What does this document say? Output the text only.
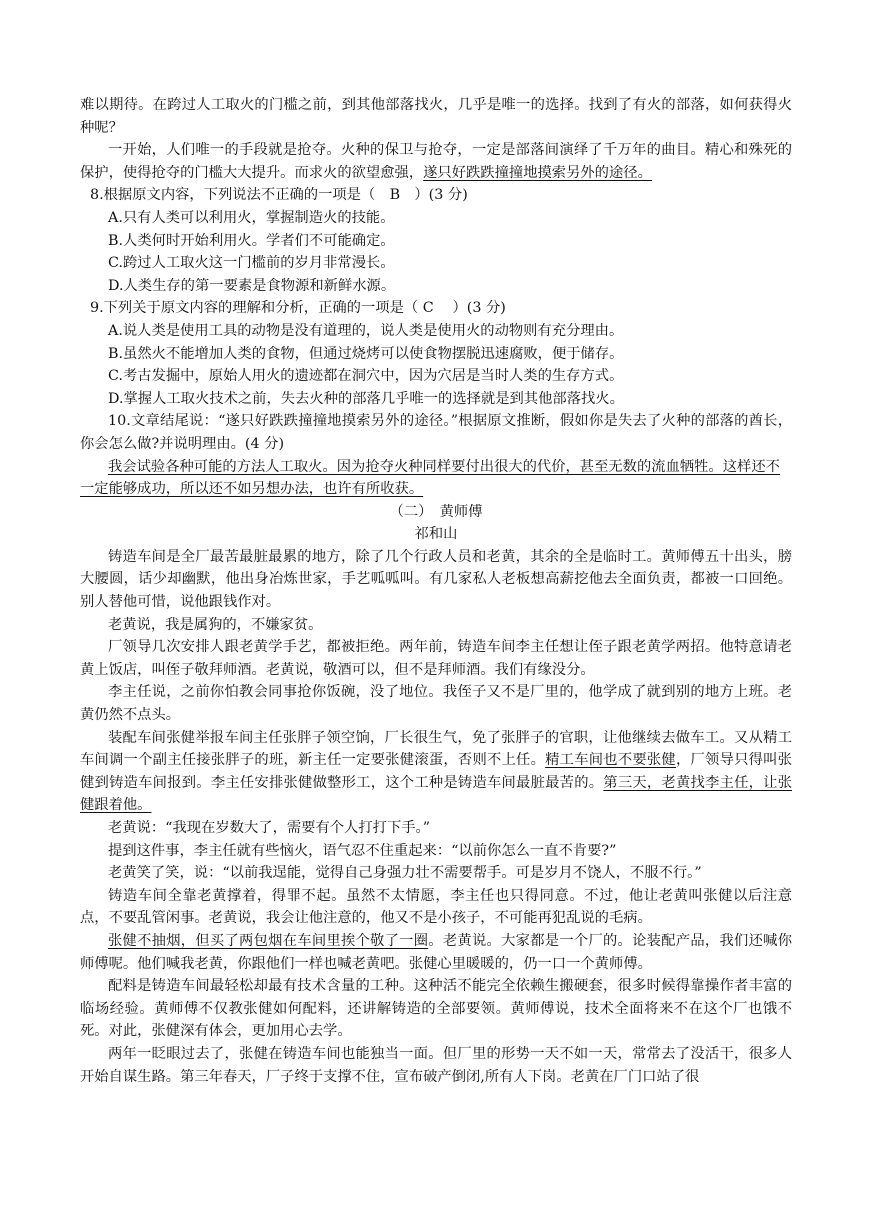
难以期待。在跨过人工取火的门槛之前，到其他部落找火，几乎是唯一的选择。找到了有火的部落，如何获得火种呢？

一开始，人们唯一的手段就是抢夺。火种的保卫与抢夺，一定是部落间演绎了千万年的曲目。精心和殊死的保护，使得抢夺的门槛大大提升。而求火的欲望愈强，遂只好跌跌撞撞地摸索另外的途径。

8.根据原文内容，下列说法不正确的一项是（　B　）(3 分)

A.只有人类可以利用火，掌握制造火的技能。

B.人类何时开始利用火。学者们不可能确定。

C.跨过人工取火这一门槛前的岁月非常漫长。

D.人类生存的第一要素是食物源和新鲜水源。

9.下列关于原文内容的理解和分析，正确的一项是（ C　 ）(3 分)

A.说人类是使用工具的动物是没有道理的，说人类是使用火的动物则有充分理由。

B.虽然火不能增加人类的食物，但通过烧烤可以使食物摆脱迅速腐败，便于储存。

C.考古发掘中，原始人用火的遗迹都在洞穴中，因为穴居是当时人类的生存方式。

D.掌握人工取火技术之前，失去火种的部落几乎唯一的选择就是到其他部落找火。

10.文章结尾说：“遂只好跌跌撞撞地摸索另外的途径。”根据原文推断，假如你是失去了火种的部落的酋长，你会怎么做?并说明理由。(4 分)

我会试验各种可能的方法人工取火。因为抢夺火种同样要付出很大的代价，甚至无数的流血牺牲。这样还不一定能够成功，所以还不如另想办法，也许有所收获。

（二）　黄师傅

祁和山

铸造车间是全厂最苦最脏最累的地方，除了几个行政人员和老黄，其余的全是临时工。黄师傅五十出头，膀大腰圆，话少却幽默，他出身冶炼世家，手艺呱呱叫。有几家私人老板想高薪挖他去全面负责，都被一口回绝。别人替他可惜，说他跟钱作对。

老黄说，我是属狗的，不嫌家贫。

厂领导几次安排人跟老黄学手艺，都被拒绝。两年前，铸造车间李主任想让侄子跟老黄学两招。他特意请老黄上饭店，叫侄子敬拜师酒。老黄说，敬酒可以，但不是拜师酒。我们有缘没分。

李主任说，之前你怕教会同事抢你饭碗，没了地位。我侄子又不是厂里的，他学成了就到别的地方上班。老黄仍然不点头。

装配车间张健举报车间主任张胖子领空饷，厂长很生气，免了张胖子的官职，让他继续去做车工。又从精工车间调一个副主任接张胖子的班，新主任一定要张健滚蛋，否则不上任。精工车间也不要张健，厂领导只得叫张健到铸造车间报到。李主任安排张健做整形工，这个工种是铸造车间最脏最苦的。第三天，老黄找李主任，让张健跟着他。

老黄说：“我现在岁数大了，需要有个人打打下手。”

提到这件事，李主任就有些恼火，语气忍不住重起来：“以前你怎么一直不肯要?”

老黄笑了笑，说：“以前我逞能，觉得自己身强力壮不需要帮手。可是岁月不饶人，不服不行。”

铸造车间全靠老黄撑着，得罪不起。虽然不太情愿，李主任也只得同意。不过，他让老黄叫张健以后注意点，不要乱管闲事。老黄说，我会让他注意的，他又不是小孩子，不可能再犯乱说的毛病。

张健不抽烟，但买了两包烟在车间里挨个敬了一圈。老黄说。大家都是一个厂的。论装配产品，我们还喊你师傅呢。他们喊我老黄，你跟他们一样也喊老黄吧。张健心里暖暖的，仍一口一个黄师傅。

配料是铸造车间最轻松却最有技术含量的工种。这种活不能完全依赖生搬硬套，很多时候得靠操作者丰富的临场经验。黄师傅不仅教张健如何配料，还讲解铸造的全部要领。黄师傅说，技术全面将来不在这个厂也饿不死。对此，张健深有体会，更加用心去学。

两年一眨眼过去了，张健在铸造车间也能独当一面。但厂里的形势一天不如一天，常常去了没活干，很多人开始自谋生路。第三年春天，厂子终于支撑不住，宣布破产倒闭,所有人下岗。老黄在厂门口站了很
